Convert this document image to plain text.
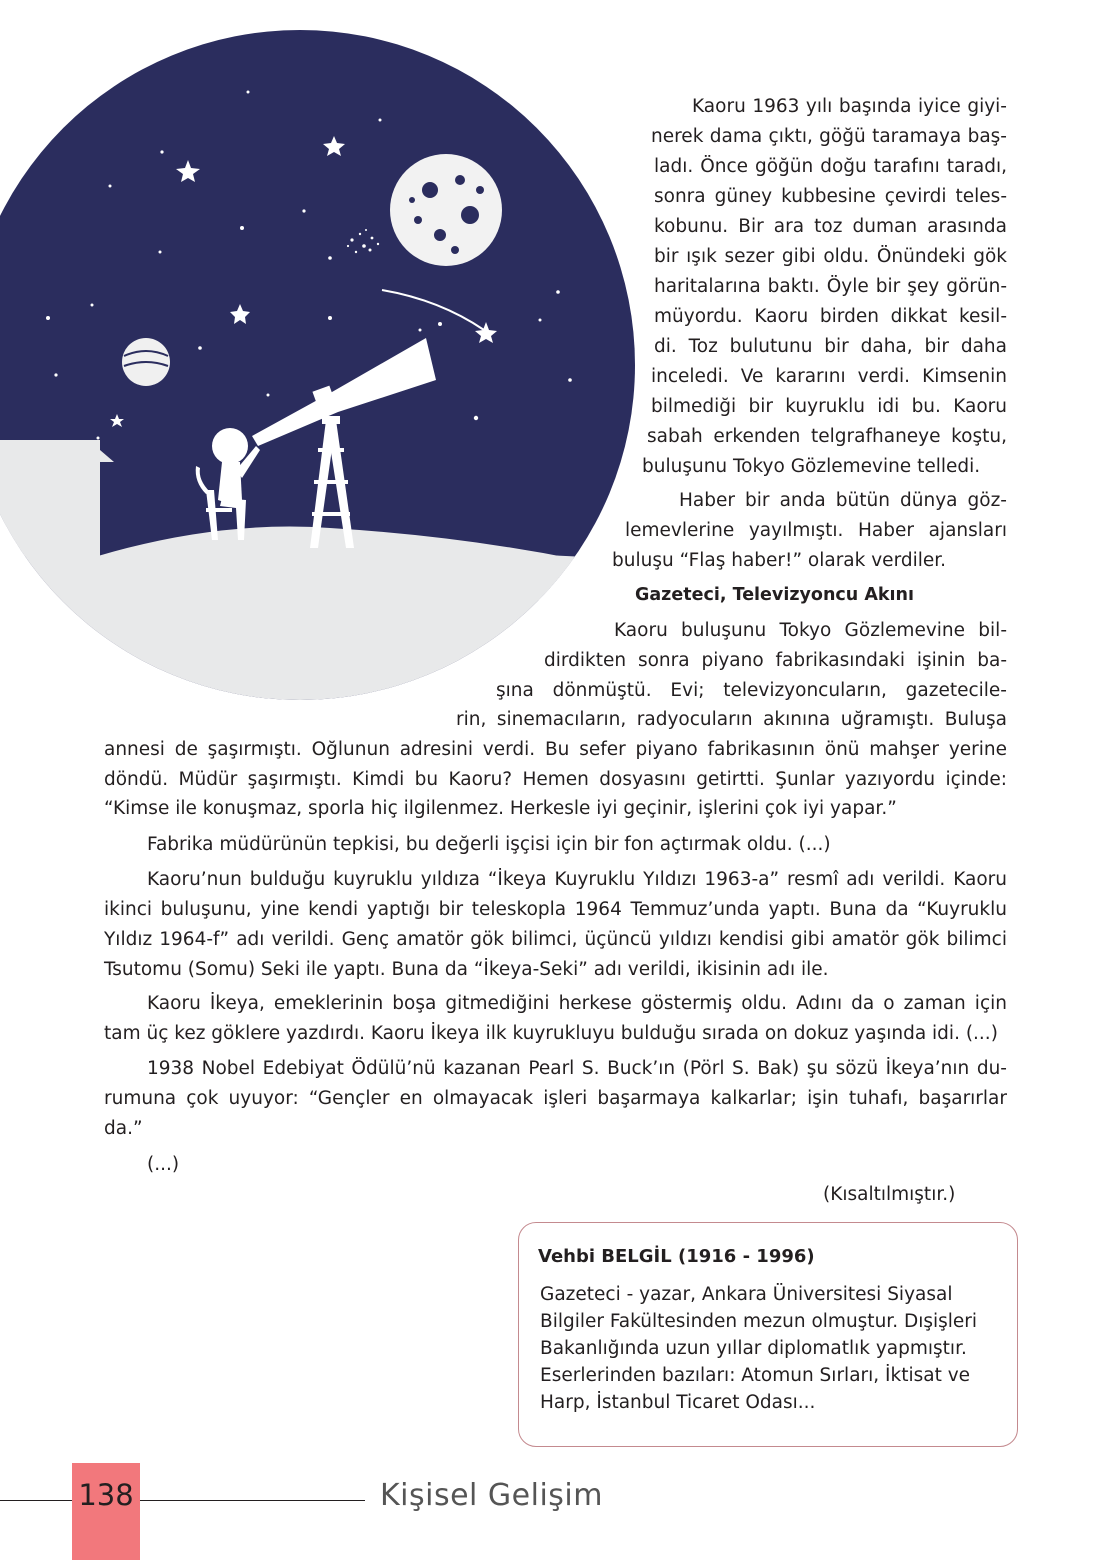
Kaoru 1963 yılı başında iyice giyi-
nerek dama çıktı, göğü taramaya baş-
ladı. Önce göğün doğu tarafını taradı,
sonra güney kubbesine çevirdi teles-
kobunu. Bir ara toz duman arasında
bir ışık sezer gibi oldu. Önündeki gök
haritalarına baktı. Öyle bir şey görün-
müyordu. Kaoru birden dikkat kesil-
di. Toz bulutunu bir daha, bir daha
inceledi. Ve kararını verdi. Kimsenin
bilmediği bir kuyruklu idi bu. Kaoru
sabah erkenden telgrafhaneye koştu,
buluşunu Tokyo Gözlemevine telledi.
Haber bir anda bütün dünya göz-
lemevlerine yayılmıştı. Haber ajansları
buluşu “Flaş haber!” olarak verdiler.
Gazeteci, Televizyoncu Akını
Kaoru buluşunu Tokyo Gözlemevine bil-
dirdikten sonra piyano fabrikasındaki işinin ba-
şına dönmüştü. Evi; televizyoncuların, gazetecile-
rin, sinemacıların, radyocuların akınına uğramıştı. Buluşa
annesi de şaşırmıştı. Oğlunun adresini verdi. Bu sefer piyano fabrikasının önü mahşer yerine
döndü. Müdür şaşırmıştı. Kimdi bu Kaoru? Hemen dosyasını getirtti. Şunlar yazıyordu içinde:
“Kimse ile konuşmaz, sporla hiç ilgilenmez. Herkesle iyi geçinir, işlerini çok iyi yapar.”
Fabrika müdürünün tepkisi, bu değerli işçisi için bir fon açtırmak oldu. (...)
Kaoru’nun bulduğu kuyruklu yıldıza “İkeya Kuyruklu Yıldızı 1963-a” resmî adı verildi. Kaoru
ikinci buluşunu, yine kendi yaptığı bir teleskopla 1964 Temmuz’unda yaptı. Buna da “Kuyruklu
Yıldız 1964-f” adı verildi. Genç amatör gök bilimci, üçüncü yıldızı kendisi gibi amatör gök bilimci
Tsutomu (Somu) Seki ile yaptı. Buna da “İkeya-Seki” adı verildi, ikisinin adı ile.
Kaoru İkeya, emeklerinin boşa gitmediğini herkese göstermiş oldu. Adını da o zaman için
tam üç kez göklere yazdırdı. Kaoru İkeya ilk kuyrukluyu bulduğu sırada on dokuz yaşında idi. (...)
1938 Nobel Edebiyat Ödülü’nü kazanan Pearl S. Buck’ın (Pörl S. Bak) şu sözü İkeya’nın du-
rumuna çok uyuyor: “Gençler en olmayacak işleri başarmaya kalkarlar; işin tuhafı, başarırlar
da.”
(...)
(Kısaltılmıştır.)
Vehbi BELGİL (1916 - 1996)
Gazeteci - yazar, Ankara Üniversitesi Siyasal
Bilgiler Fakültesinden mezun olmuştur. Dışişleri
Bakanlığında uzun yıllar diplomatlık yapmıştır.
Eserlerinden bazıları: Atomun Sırları, İktisat ve
Harp, İstanbul Ticaret Odası...
138	Kişisel Gelişim
